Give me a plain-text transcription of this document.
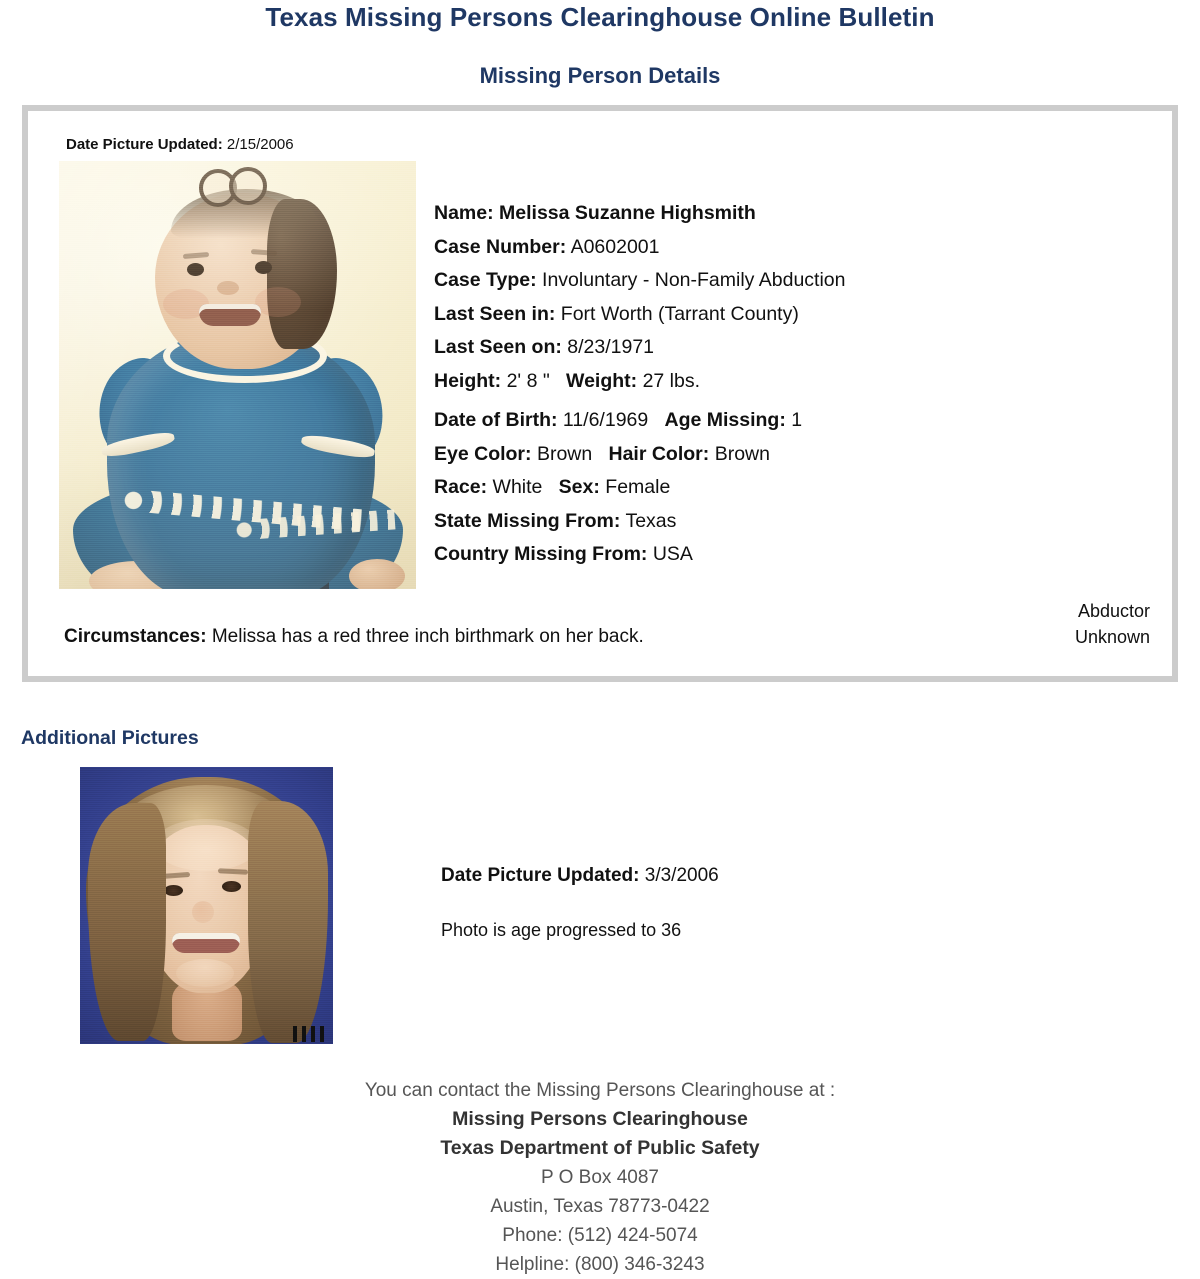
Texas Missing Persons Clearinghouse Online Bulletin
Missing Person Details
Date Picture Updated: 2/15/2006
Name: Melissa Suzanne Highsmith
Case Number: A0602001
Case Type: Involuntary - Non-Family Abduction
Last Seen in: Fort Worth (Tarrant County)
Last Seen on: 8/23/1971
Height: 2' 8 " Weight: 27 lbs.
Date of Birth: 11/6/1969 Age Missing: 1
Eye Color: Brown Hair Color: Brown
Race: White Sex: Female
State Missing From: Texas
Country Missing From: USA
Abductor
Unknown
Circumstances: Melissa has a red three inch birthmark on her back.
Additional Pictures
Date Picture Updated: 3/3/2006
Photo is age progressed to 36
You can contact the Missing Persons Clearinghouse at :
Missing Persons Clearinghouse
Texas Department of Public Safety
P O Box 4087
Austin, Texas 78773-0422
Phone: (512) 424-5074
Helpline: (800) 346-3243
